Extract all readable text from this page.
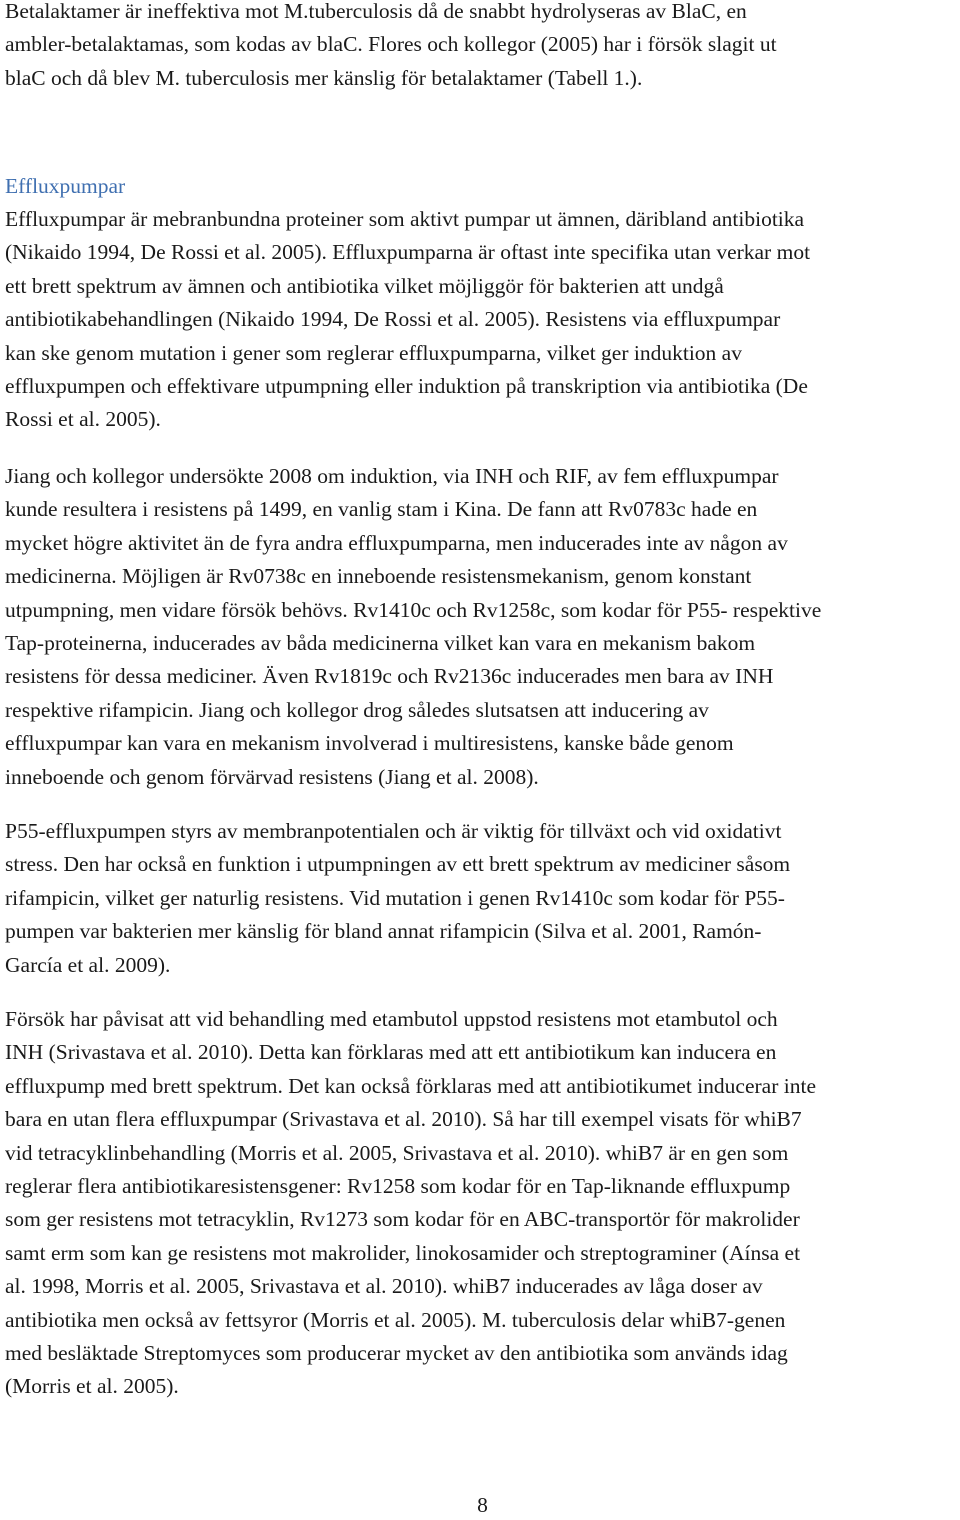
Betalaktamer är ineffektiva mot M.tuberculosis då de snabbt hydrolyseras av BlaC, en
ambler-betalaktamas, som kodas av blaC. Flores och kollegor (2005) har i försök slagit ut
blaC och då blev M. tuberculosis mer känslig för betalaktamer (Tabell 1.).
Effluxpumpar
Effluxpumpar är mebranbundna proteiner som aktivt pumpar ut ämnen, däribland antibiotika
(Nikaido 1994, De Rossi et al. 2005). Effluxpumparna är oftast inte specifika utan verkar mot
ett brett spektrum av ämnen och antibiotika vilket möjliggör för bakterien att undgå
antibiotikabehandlingen (Nikaido 1994, De Rossi et al. 2005). Resistens via effluxpumpar
kan ske genom mutation i gener som reglerar effluxpumparna, vilket ger induktion av
effluxpumpen och effektivare utpumpning eller induktion på transkription via antibiotika (De
Rossi et al. 2005).
Jiang och kollegor undersökte 2008 om induktion, via INH och RIF, av fem effluxpumpar
kunde resultera i resistens på 1499, en vanlig stam i Kina. De fann att Rv0783c hade en
mycket högre aktivitet än de fyra andra effluxpumparna, men inducerades inte av någon av
medicinerna. Möjligen är Rv0738c en inneboende resistensmekanism, genom konstant
utpumpning, men vidare försök behövs. Rv1410c och Rv1258c, som kodar för P55- respektive
Tap-proteinerna, inducerades av båda medicinerna vilket kan vara en mekanism bakom
resistens för dessa mediciner. Även Rv1819c och Rv2136c inducerades men bara av INH
respektive rifampicin. Jiang och kollegor drog således slutsatsen att inducering av
effluxpumpar kan vara en mekanism involverad i multiresistens, kanske både genom
inneboende och genom förvärvad resistens (Jiang et al. 2008).
P55-effluxpumpen styrs av membranpotentialen och är viktig för tillväxt och vid oxidativt
stress. Den har också en funktion i utpumpningen av ett brett spektrum av mediciner såsom
rifampicin, vilket ger naturlig resistens. Vid mutation i genen Rv1410c som kodar för P55-
pumpen var bakterien mer känslig för bland annat rifampicin (Silva et al. 2001, Ramón-
García et al. 2009).
Försök har påvisat att vid behandling med etambutol uppstod resistens mot etambutol och
INH (Srivastava et al. 2010). Detta kan förklaras med att ett antibiotikum kan inducera en
effluxpump med brett spektrum. Det kan också förklaras med att antibiotikumet inducerar inte
bara en utan flera effluxpumpar (Srivastava et al. 2010). Så har till exempel visats för whiB7
vid tetracyklinbehandling (Morris et al. 2005, Srivastava et al. 2010). whiB7 är en gen som
reglerar flera antibiotikaresistensgener: Rv1258 som kodar för en Tap-liknande effluxpump
som ger resistens mot tetracyklin, Rv1273 som kodar för en ABC-transportör för makrolider
samt erm som kan ge resistens mot makrolider, linokosamider och streptograminer (Aínsa et
al. 1998, Morris et al. 2005, Srivastava et al. 2010). whiB7 inducerades av låga doser av
antibiotika men också av fettsyror (Morris et al. 2005). M. tuberculosis delar whiB7-genen
med besläktade Streptomyces som producerar mycket av den antibiotika som används idag
(Morris et al. 2005).
8
